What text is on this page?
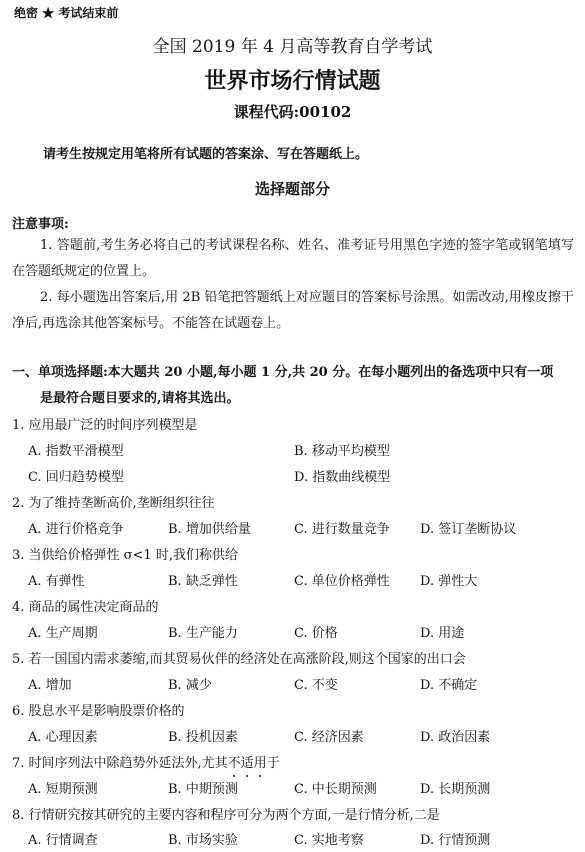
绝密 ★ 考试结束前
全国 2019 年 4 月高等教育自学考试
世界市场行情试题
课程代码:00102
请考生按规定用笔将所有试题的答案涂、写在答题纸上。
选择题部分
注意事项:

1. 答题前,考生务必将自己的考试课程名称、姓名、准考证号用黑色字迹的签字笔或钢笔填写在答题纸规定的位置上。

2. 每小题选出答案后,用 2B 铅笔把答题纸上对应题目的答案标号涂黑。如需改动,用橡皮擦干净后,再选涂其他答案标号。不能答在试题卷上。

一、单项选择题:本大题共 20 小题,每小题 1 分,共 20 分。在每小题列出的备选项中只有一项
是最符合题目要求的,请将其选出。
1. 应用最广泛的时间序列模型是
A. 指数平滑模型	B. 移动平均模型
C. 回归趋势模型	D. 指数曲线模型
2. 为了维持垄断高价,垄断组织往往
A. 进行价格竞争	B. 增加供给量	C. 进行数量竞争 D. 签订垄断协议
3. 当供给价格弹性 σ<1 时,我们称供给
A. 有弹性	B. 缺乏弹性	C. 单位价格弹性 D. 弹性大
4. 商品的属性决定商品的
A. 生产周期	B. 生产能力	C. 价格	D. 用途
5. 若一国国内需求萎缩,而其贸易伙伴的经济处在高涨阶段,则这个国家的出口会
A. 增加	B. 减少	C. 不变	D. 不确定
6. 股息水平是影响股票价格的
A. 心理因素	B. 投机因素	C. 经济因素	D. 政治因素
7. 时间序列法中除趋势外延法外,尤其不适用
于
A. 短期预测	B. 中期预测	C. 中长期预测	D. 长期预测
8. 行情研究按其研究的主要内容和程序可分为两个方面,一是行情分析,二是
A. 行情调查	B. 市场实验	C. 实地考察	D. 行情预测
